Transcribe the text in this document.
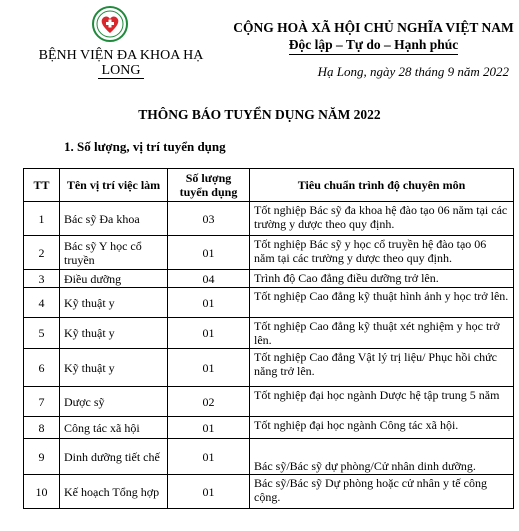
BỆNH VIỆN ĐA KHOA HẠ
LONG
CỘNG HOÀ XÃ HỘI CHỦ NGHĨA VIỆT NAM
Độc lập – Tự do – Hạnh phúc
Hạ Long, ngày 28 tháng 9 năm 2022
THÔNG BÁO TUYỂN DỤNG NĂM 2022
1. Số lượng, vị trí tuyển dụng
TT	Tên vị trí việc làm	Số lượng tuyển dụng	Tiêu chuẩn trình độ chuyên môn
1	Bác sỹ Đa khoa	03	Tốt nghiệp Bác sỹ đa khoa hệ đào tạo 06 năm tại các trường y dược theo quy định.
2	Bác sỹ Y học cổ truyền	01	Tốt nghiệp Bác sỹ y học cổ truyền hệ đào tạo 06 năm tại các trường y dược theo quy định.
3	Điều dưỡng	04	Trình độ Cao đẳng điều dưỡng trở lên.
4	Kỹ thuật y	01	Tốt nghiệp Cao đẳng kỹ thuật hình ảnh y học trở lên.
5	Kỹ thuật y	01	Tốt nghiệp Cao đẳng kỹ thuật xét nghiệm y học trở lên.
6	Kỹ thuật y	01	Tốt nghiệp Cao đẳng Vật lý trị liệu/ Phục hồi chức năng trở lên.
7	Dược sỹ	02	Tốt nghiệp đại học ngành Dược hệ tập trung 5 năm
8	Công tác xã hội	01	Tốt nghiệp đại học ngành Công tác xã hội.
9	Dinh dưỡng tiết chế	01	Bác sỹ/Bác sỹ dự phòng/Cử nhân dinh dưỡng.
10	Kế hoạch Tổng hợp	01	Bác sỹ/Bác sỹ Dự phòng hoặc cử nhân y tế công cộng.
